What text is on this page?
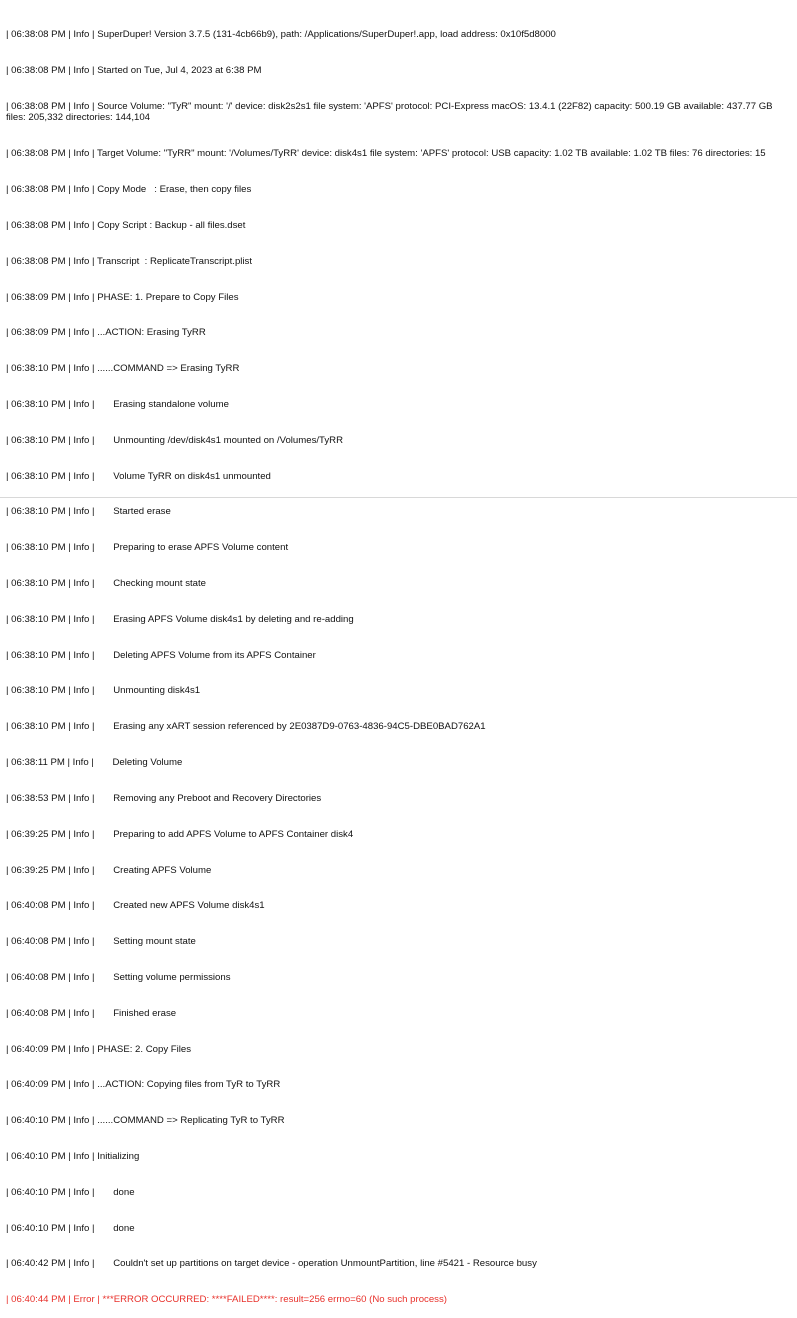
| 06:38:08 PM | Info | SuperDuper! Version 3.7.5 (131-4cb66b9), path: /Applications/SuperDuper!.app, load address: 0x10f5d8000

| 06:38:08 PM | Info | Started on Tue, Jul 4, 2023 at 6:38 PM

| 06:38:08 PM | Info | Source Volume: "TyR" mount: '/' device: disk2s2s1 file system: 'APFS' protocol: PCI-Express macOS: 13.4.1 (22F82) capacity: 500.19 GB available: 437.77 GB files: 205,332 directories: 144,104

| 06:38:08 PM | Info | Target Volume: "TyRR" mount: '/Volumes/TyRR' device: disk4s1 file system: 'APFS' protocol: USB capacity: 1.02 TB available: 1.02 TB files: 76 directories: 15

| 06:38:08 PM | Info | Copy Mode   : Erase, then copy files

| 06:38:08 PM | Info | Copy Script : Backup - all files.dset

| 06:38:08 PM | Info | Transcript  : ReplicateTranscript.plist

| 06:38:09 PM | Info | PHASE: 1. Prepare to Copy Files

| 06:38:09 PM | Info | ...ACTION: Erasing TyRR

| 06:38:10 PM | Info | ......COMMAND => Erasing TyRR

| 06:38:10 PM | Info |       Erasing standalone volume

| 06:38:10 PM | Info |       Unmounting /dev/disk4s1 mounted on /Volumes/TyRR

| 06:38:10 PM | Info |       Volume TyRR on disk4s1 unmounted

| 06:38:10 PM | Info |       Started erase

| 06:38:10 PM | Info |       Preparing to erase APFS Volume content

| 06:38:10 PM | Info |       Checking mount state

| 06:38:10 PM | Info |       Erasing APFS Volume disk4s1 by deleting and re-adding

| 06:38:10 PM | Info |       Deleting APFS Volume from its APFS Container

| 06:38:10 PM | Info |       Unmounting disk4s1

| 06:38:10 PM | Info |       Erasing any xART session referenced by 2E0387D9-0763-4836-94C5-DBE0BAD762A1

| 06:38:11 PM | Info |       Deleting Volume

| 06:38:53 PM | Info |       Removing any Preboot and Recovery Directories

| 06:39:25 PM | Info |       Preparing to add APFS Volume to APFS Container disk4

| 06:39:25 PM | Info |       Creating APFS Volume

| 06:40:08 PM | Info |       Created new APFS Volume disk4s1

| 06:40:08 PM | Info |       Setting mount state

| 06:40:08 PM | Info |       Setting volume permissions

| 06:40:08 PM | Info |       Finished erase

| 06:40:09 PM | Info | PHASE: 2. Copy Files

| 06:40:09 PM | Info | ...ACTION: Copying files from TyR to TyRR

| 06:40:10 PM | Info | ......COMMAND => Replicating TyR to TyRR

| 06:40:10 PM | Info | Initializing

| 06:40:10 PM | Info |       done

| 06:40:10 PM | Info |       done

| 06:40:42 PM | Info |       Couldn't set up partitions on target device - operation UnmountPartition, line #5421 - Resource busy

| 06:40:44 PM | Error | ***ERROR OCCURRED: ****FAILED****: result=256 errno=60 (No such process)
